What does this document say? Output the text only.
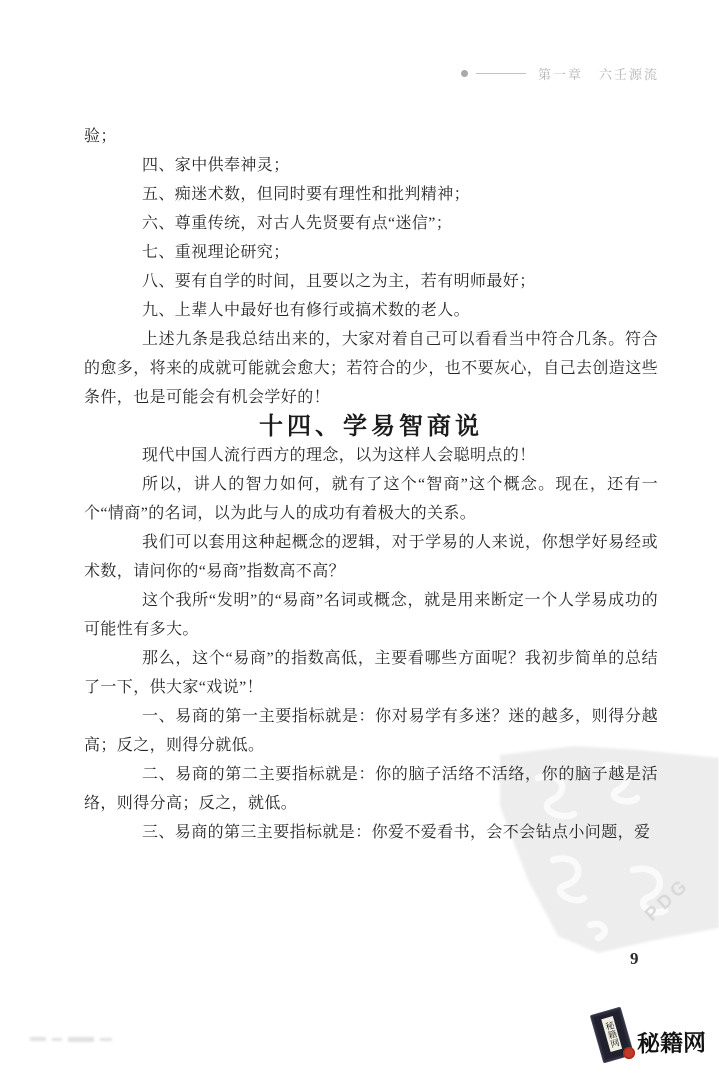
第一章 六壬源流
PDG

验；

四、家中供奉神灵；

五、痴迷术数，但同时要有理性和批判精神；

六、尊重传统，对古人先贤要有点“迷信”；

七、重视理论研究；

八、要有自学的时间，且要以之为主，若有明师最好；

九、上辈人中最好也有修行或搞术数的老人。

上述九条是我总结出来的，大家对着自己可以看看当中符合几条。符合的愈多，将来的成就可能就会愈大；若符合的少，也不要灰心，自己去创造这些条件，也是可能会有机会学好的！

十四、学易智商说

现代中国人流行西方的理念，以为这样人会聪明点的！

所以，讲人的智力如何，就有了这个“智商”这个概念。现在，还有一个“情商”的名词，以为此与人的成功有着极大的关系。

我们可以套用这种起概念的逻辑，对于学易的人来说，你想学好易经或术数，请问你的“易商”指数高不高？

这个我所“发明”的“易商”名词或概念，就是用来断定一个人学易成功的可能性有多大。

那么，这个“易商”的指数高低，主要看哪些方面呢？我初步简单的总结了一下，供大家“戏说”！

一、易商的第一主要指标就是：你对易学有多迷？迷的越多，则得分越高；反之，则得分就低。

二、易商的第二主要指标就是：你的脑子活络不活络，你的脑子越是活络，则得分高；反之，就低。

三、易商的第三主要指标就是：你爱不爱看书，会不会钻点小问题，爱

9
秘籍网 秘籍网
